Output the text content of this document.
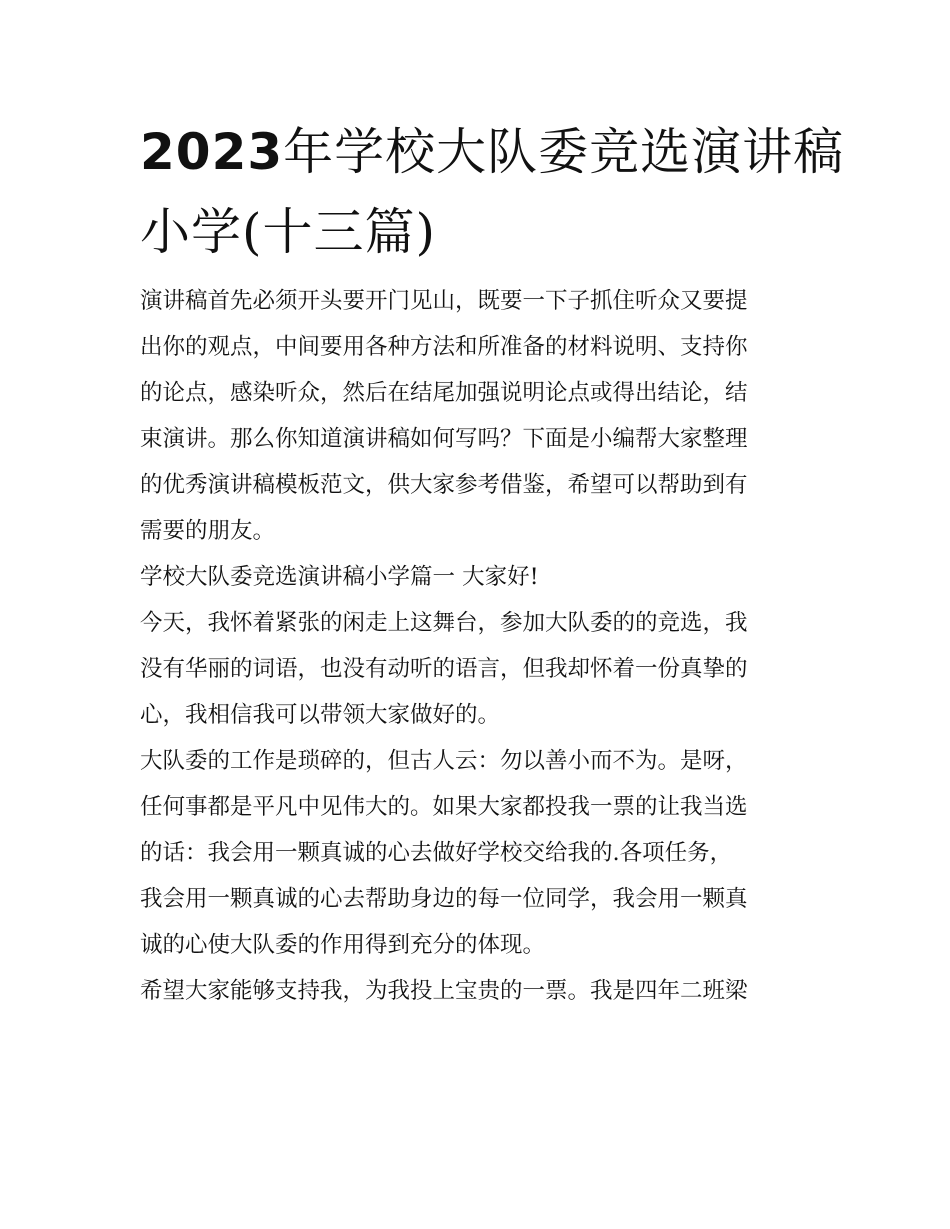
2023年学校大队委竞选演讲稿
小学(十三篇)
演讲稿首先必须开头要开门见山，既要一下子抓住听众又要提
出你的观点，中间要用各种方法和所准备的材料说明、支持你
的论点，感染听众，然后在结尾加强说明论点或得出结论，结
束演讲。那么你知道演讲稿如何写吗？下面是小编帮大家整理
的优秀演讲稿模板范文，供大家参考借鉴，希望可以帮助到有
需要的朋友。
学校大队委竞选演讲稿小学篇一 大家好!
今天，我怀着紧张的闲走上这舞台，参加大队委的的竞选，我
没有华丽的词语，也没有动听的语言，但我却怀着一份真挚的
心，我相信我可以带领大家做好的。
大队委的工作是琐碎的，但古人云：勿以善小而不为。是呀，
任何事都是平凡中见伟大的。如果大家都投我一票的让我当选
的话：我会用一颗真诚的心去做好学校交给我的.各项任务，
我会用一颗真诚的心去帮助身边的每一位同学，我会用一颗真
诚的心使大队委的作用得到充分的体现。
希望大家能够支持我，为我投上宝贵的一票。我是四年二班梁
